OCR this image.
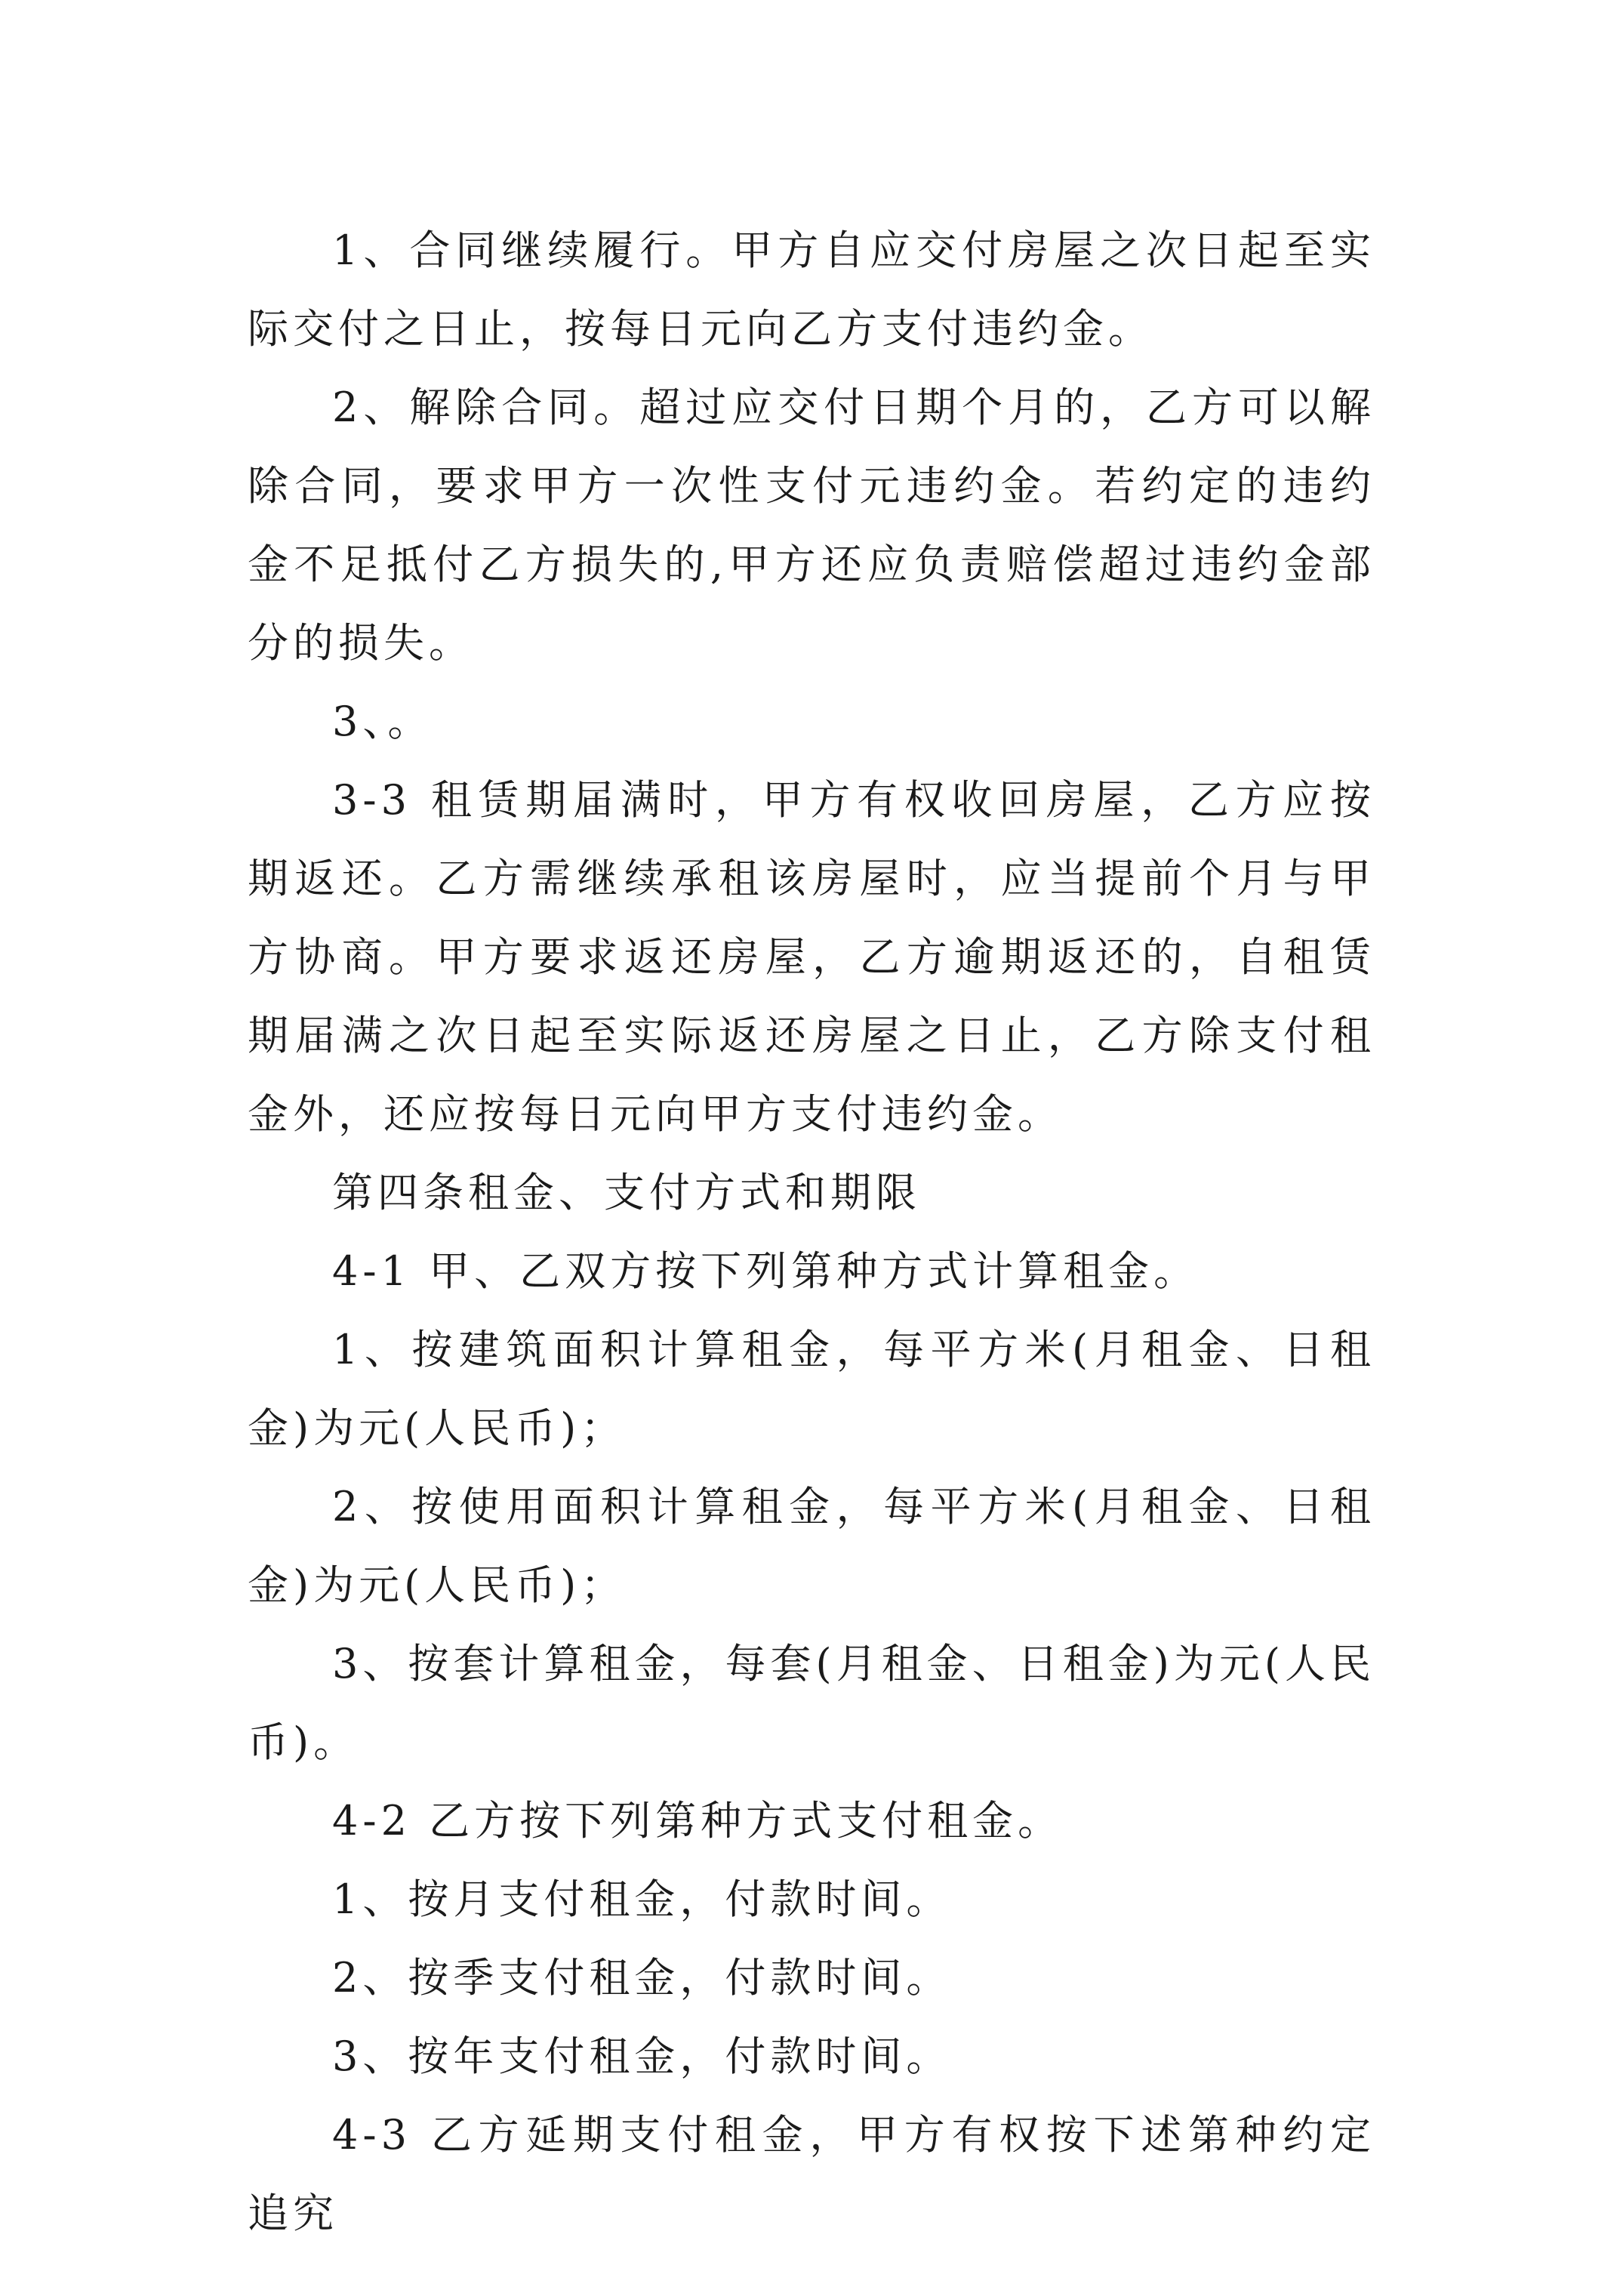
1、合同继续履行。甲方自应交付房屋之次日起至实际交付之日止，按每日元向乙方支付违约金。

2、解除合同。超过应交付日期个月的，乙方可以解除合同，要求甲方一次性支付元违约金。若约定的违约金不足抵付乙方损失的,甲方还应负责赔偿超过违约金部分的损失。

3、。

3-3 租赁期届满时，甲方有权收回房屋，乙方应按期返还。乙方需继续承租该房屋时，应当提前个月与甲方协商。甲方要求返还房屋，乙方逾期返还的，自租赁期届满之次日起至实际返还房屋之日止，乙方除支付租金外，还应按每日元向甲方支付违约金。

第四条租金、支付方式和期限

4-1 甲、乙双方按下列第种方式计算租金。

1、按建筑面积计算租金，每平方米(月租金、日租金)为元(人民币)；

2、按使用面积计算租金，每平方米(月租金、日租金)为元(人民币)；

3、按套计算租金，每套(月租金、日租金)为元(人民币)。

4-2 乙方按下列第种方式支付租金。

1、按月支付租金，付款时间。

2、按季支付租金，付款时间。

3、按年支付租金，付款时间。

4-3 乙方延期支付租金，甲方有权按下述第种约定追究
